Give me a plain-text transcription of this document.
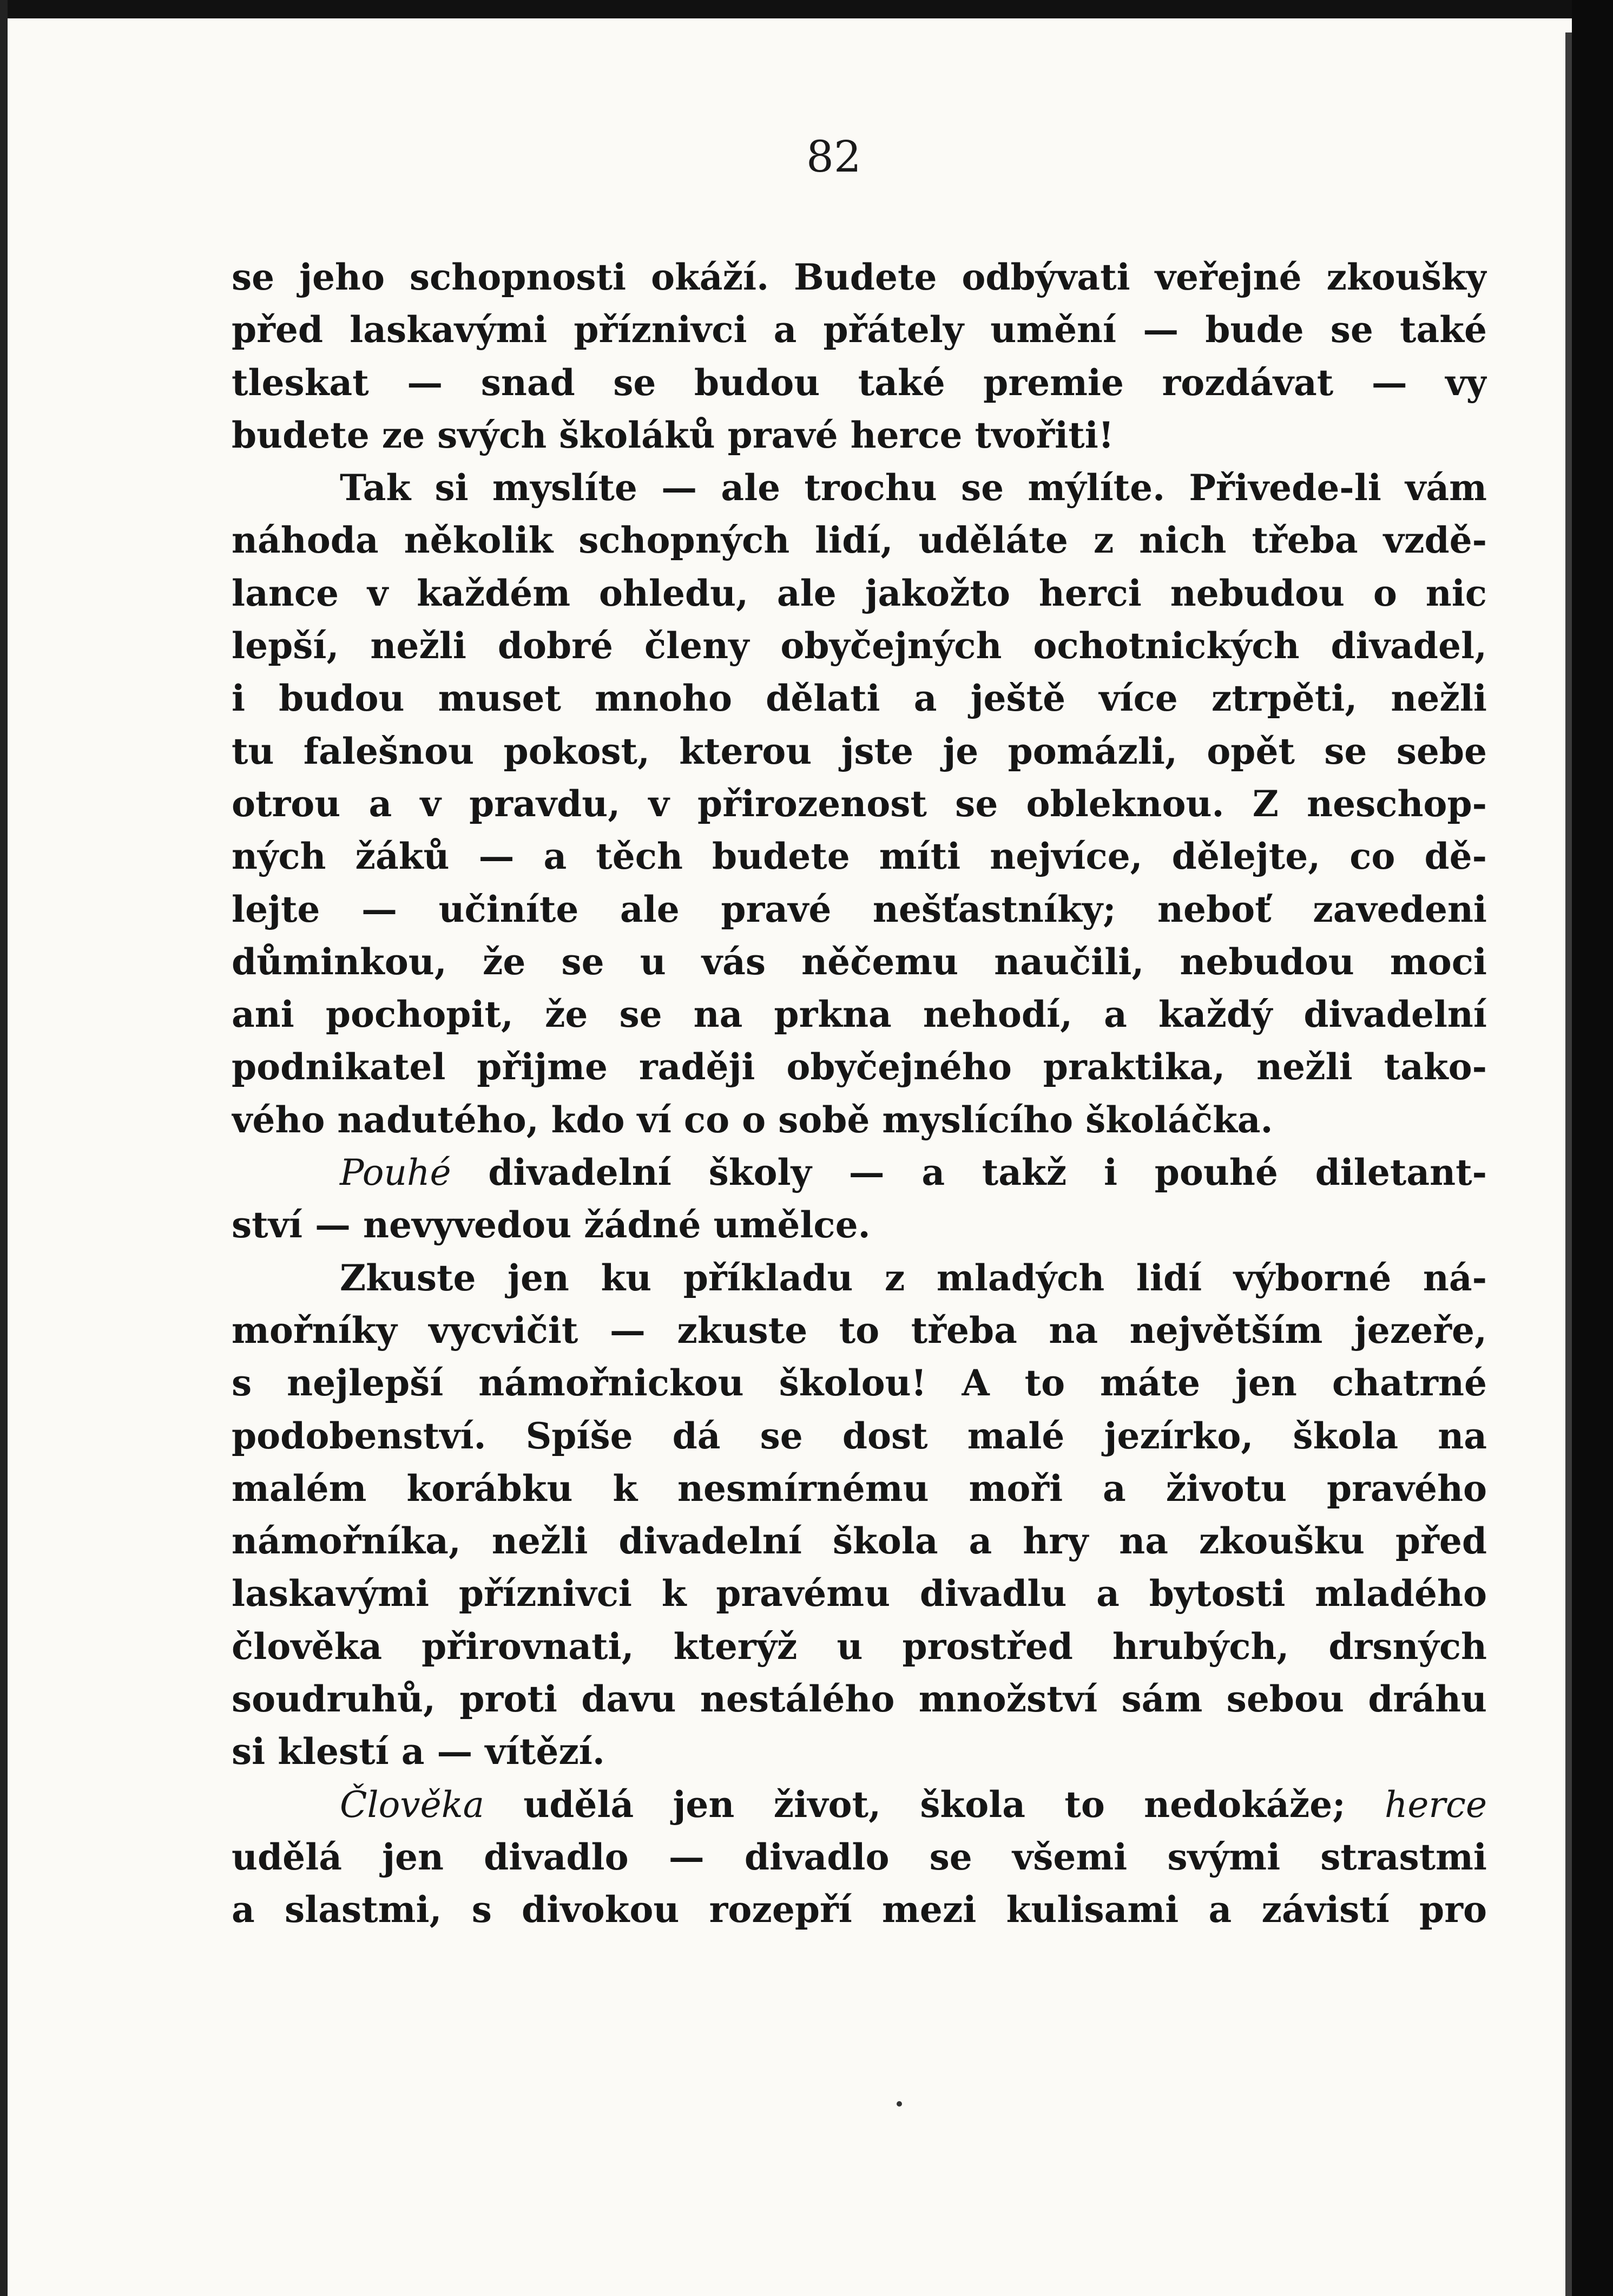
82
se jeho schopnosti okáží. Budete odbývati veřejné zkoušky
před laskavými příznivci a přátely umění — bude se také
tleskat — snad se budou také premie rozdávat — vy
budete ze svých školáků pravé herce tvořiti!
Tak si myslíte — ale trochu se mýlíte. Přivede-li vám
náhoda několik schopných lidí, uděláte z nich třeba vzdě-
lance v každém ohledu, ale jakožto herci nebudou o nic
lepší, nežli dobré členy obyčejných ochotnických divadel,
i budou muset mnoho dělati a ještě více ztrpěti, nežli
tu falešnou pokost, kterou jste je pomázli, opět se sebe
otrou a v pravdu, v přirozenost se obleknou. Z neschop-
ných žáků — a těch budete míti nejvíce, dělejte, co dě-
lejte — učiníte ale pravé nešťastníky; neboť zavedeni
důminkou, že se u vás něčemu naučili, nebudou moci
ani pochopit, že se na prkna nehodí, a každý divadelní
podnikatel přijme raději obyčejného praktika, nežli tako-
vého nadutého, kdo ví co o sobě myslícího školáčka.
Pouhé divadelní školy — a takž i pouhé diletant-
ství — nevyvedou žádné umělce.
Zkuste jen ku příkladu z mladých lidí výborné ná-
mořníky vycvičit — zkuste to třeba na největším jezeře,
s nejlepší námořnickou školou! A to máte jen chatrné
podobenství. Spíše dá se dost malé jezírko, škola na
malém korábku k nesmírnému moři a životu pravého
námořníka, nežli divadelní škola a hry na zkoušku před
laskavými příznivci k pravému divadlu a bytosti mladého
člověka přirovnati, kterýž u prostřed hrubých, drsných
soudruhů, proti davu nestálého množství sám sebou dráhu
si klestí a — vítězí.
Člověka udělá jen život, škola to nedokáže; herce
udělá jen divadlo — divadlo se všemi svými strastmi
a slastmi, s divokou rozepří mezi kulisami a závistí pro
